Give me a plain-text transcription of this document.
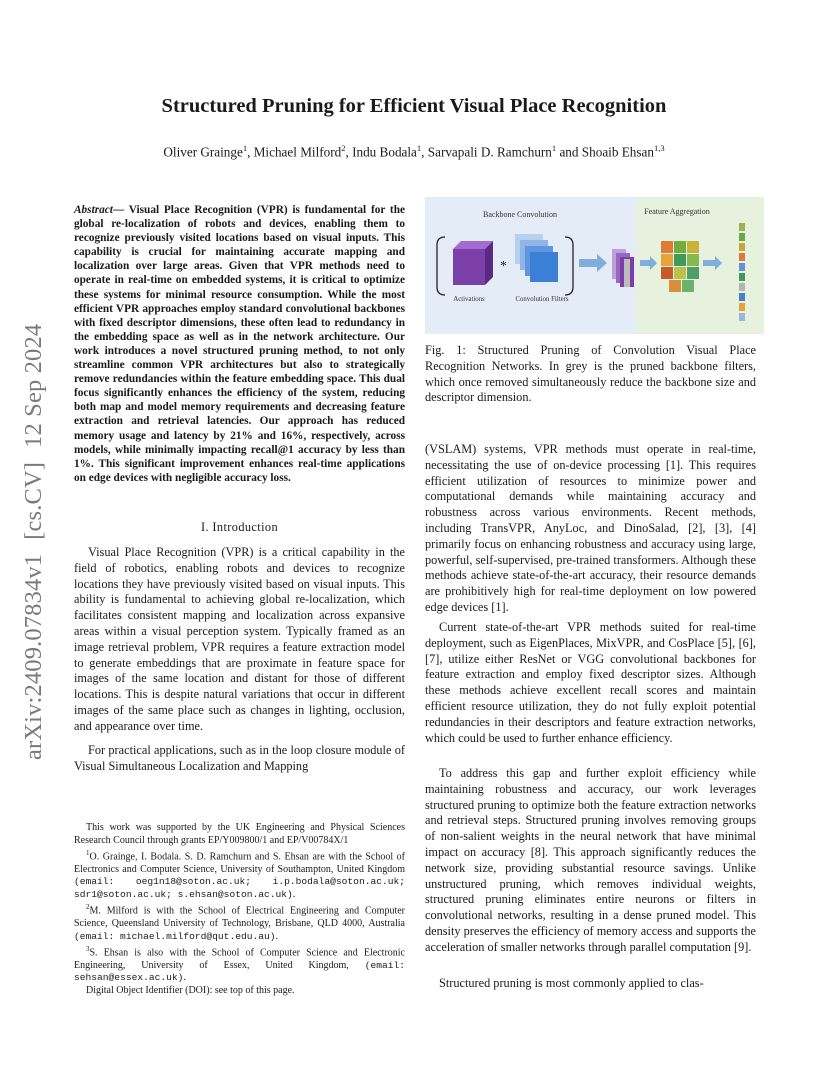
Structured Pruning for Efficient Visual Place Recognition
Oliver Grainge$^1$, Michael Milford$^2$, Indu Bodala$^1$, Sarvapali D. Ramchurn$^1$ and Shoaib Ehsan$^{1,3}$
arXiv:2409.07834v1[cs.CV]12 Sep 2024
Abstract— Visual Place Recognition (VPR) is fundamental for the global re-localization of robots and devices, enabling them to recognize previously visited locations based on visual inputs. This capability is crucial for maintaining accurate mapping and localization over large areas. Given that VPR methods need to operate in real-time on embedded systems, it is critical to optimize these systems for minimal resource consumption. While the most efficient VPR approaches employ standard convolutional backbones with fixed descriptor dimensions, these often lead to redundancy in the embedding space as well as in the network architecture. Our work introduces a novel structured pruning method, to not only streamline common VPR architectures but also to strategically remove redundancies within the feature embedding space. This dual focus significantly enhances the efficiency of the system, reducing both map and model memory requirements and decreasing feature extraction and retrieval latencies. Our approach has reduced memory usage and latency by 21% and 16%, respectively, across models, while minimally impacting recall@1 accuracy by less than 1%. This significant improvement enhances real-time applications on edge devices with negligible accuracy loss.
I. Introduction

Visual Place Recognition (VPR) is a critical capability in the field of robotics, enabling robots and devices to recognize locations they have previously visited based on visual inputs. This ability is fundamental to achieving global re-localization, which facilitates consistent mapping and localization across expansive areas within a visual perception system. Typically framed as an image retrieval problem, VPR requires a feature extraction model to generate embeddings that are proximate in feature space for images of the same location and distant for those of different locations. This is despite natural variations that occur in different images of the same place such as changes in lighting, occlusion, and appearance over time.

For practical applications, such as in the loop closure module of Visual Simultaneous Localization and Mapping

This work was supported by the UK Engineering and Physical Sciences Research Council through grants EP/Y009800/1 and EP/V00784X/1

$^1$O. Grainge, I. Bodala. S. D. Ramchurn and S. Ehsan are with the School of Electronics and Computer Science, University of Southampton, United Kingdom (email: oeg1n18@soton.ac.uk; i.p.bodala@soton.ac.uk; sdr1@soton.ac.uk; s.ehsan@soton.ac.uk).

$^2$M. Milford is with the School of Electrical Engineering and Computer Science, Queensland University of Technology, Brisbane, QLD 4000, Australia (email: michael.milford@qut.edu.au).

$^3$S. Ehsan is also with the School of Computer Science and Electronic Engineering, University of Essex, United Kingdom, (email: sehsan@essex.ac.uk).

Digital Object Identifier (DOI): see top of this page.

Backbone Convolution	Feature Aggregation
*
Activations	Convolution Filters
Fig. 1: Structured Pruning of Convolution Visual Place Recognition Networks. In grey is the pruned backbone filters, which once removed simultaneously reduce the backbone size and descriptor dimension.

(VSLAM) systems, VPR methods must operate in real-time, necessitating the use of on-device processing [1]. This requires efficient utilization of resources to minimize power and computational demands while maintaining accuracy and robustness across various environments. Recent methods, including TransVPR, AnyLoc, and DinoSalad, [2], [3], [4] primarily focus on enhancing robustness and accuracy using large, powerful, self-supervised, pre-trained transformers. Although these methods achieve state-of-the-art accuracy, their resource demands are prohibitively high for real-time deployment on low powered edge devices [1].

Current state-of-the-art VPR methods suited for real-time deployment, such as EigenPlaces, MixVPR, and CosPlace [5], [6], [7], utilize either ResNet or VGG convolutional backbones for feature extraction and employ fixed descriptor sizes. Although these methods achieve excellent recall scores and maintain efficient resource utilization, they do not fully exploit potential redundancies in their descriptors and feature extraction networks, which could be used to further enhance efficiency.

To address this gap and further exploit efficiency while maintaining robustness and accuracy, our work leverages structured pruning to optimize both the feature extraction networks and retrieval steps. Structured pruning involves removing groups of non-salient weights in the neural network that have minimal impact on accuracy [8]. This approach significantly reduces the network size, providing substantial resource savings. Unlike unstructured pruning, which removes individual weights, structured pruning eliminates entire neurons or filters in convolutional networks, resulting in a dense pruned model. This density preserves the efficiency of memory access and supports the acceleration of smaller networks through parallel computation [9].

Structured pruning is most commonly applied to clas-
